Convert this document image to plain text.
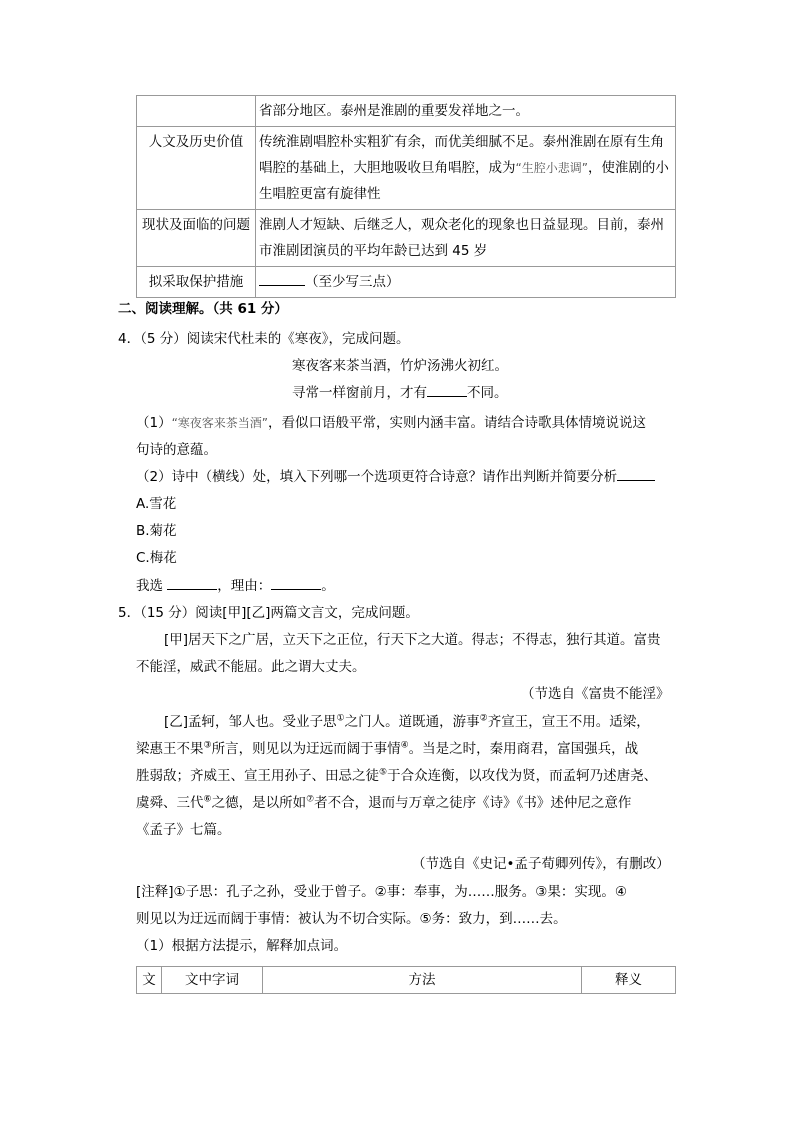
	省部分地区。泰州是淮剧的重要发祥地之一。
人文及历史价值	传统淮剧唱腔朴实粗犷有余，而优美细腻不足。泰州淮剧在原有生角唱腔的基础上，大胆地吸收旦角唱腔，成为“生腔小悲调”，使淮剧的小生唱腔更富有旋律性
现状及面临的问题	淮剧人才短缺、后继乏人，观众老化的现象也日益显现。目前，泰州市淮剧团演员的平均年龄已达到 45 岁
拟采取保护措施	（至少写三点）
二、阅读理解。（共 61 分）
4．（5 分）阅读宋代杜耒的《寒夜》，完成问题。
寒夜客来茶当酒，竹炉汤沸火初红。
寻常一样窗前月，才有	不同。
（1）“寒夜客来茶当酒”，看似口语般平常，实则内涵丰富。请结合诗歌具体情境说说这
句诗的意蕴。
（2）诗中（横线）处，填入下列哪一个选项更符合诗意？请作出判断并简要分析
A.雪花
B.菊花
C.梅花
我选	，理由：	。
5．（15 分）阅读[甲][乙]两篇文言文，完成问题。
[甲]居天下之广居，立天下之正位，行天下之大道。得志；不得志，独行其道。富贵
不能淫，威武不能屈。此之谓大丈夫。
（节选自《富贵不能淫》
[乙]孟轲，邹人也。受业子思①之门人。道既通，游事②齐宣王，宣王不用。适梁，
梁惠王不果③所言，则见以为迂远而阔于事情④。当是之时，秦用商君，富国强兵，战
胜弱敌；齐威王、宣王用孙子、田忌之徒⑤于合众连衡，以攻伐为贤，而孟轲乃述唐尧、
虞舜、三代⑥之德，是以所如⑦者不合，退而与万章之徒序《诗》《书》述仲尼之意作
《孟子》七篇。
（节选自《史记•孟子荀卿列传》，有删改）
[注释]①子思：孔子之孙，受业于曾子。②事：奉事，为……服务。③果：实现。④
则见以为迂远而阔于事情：被认为不切合实际。⑤务：致力，到……去。
（1）根据方法提示，解释加点词。
文	文中字词	方法	释义
